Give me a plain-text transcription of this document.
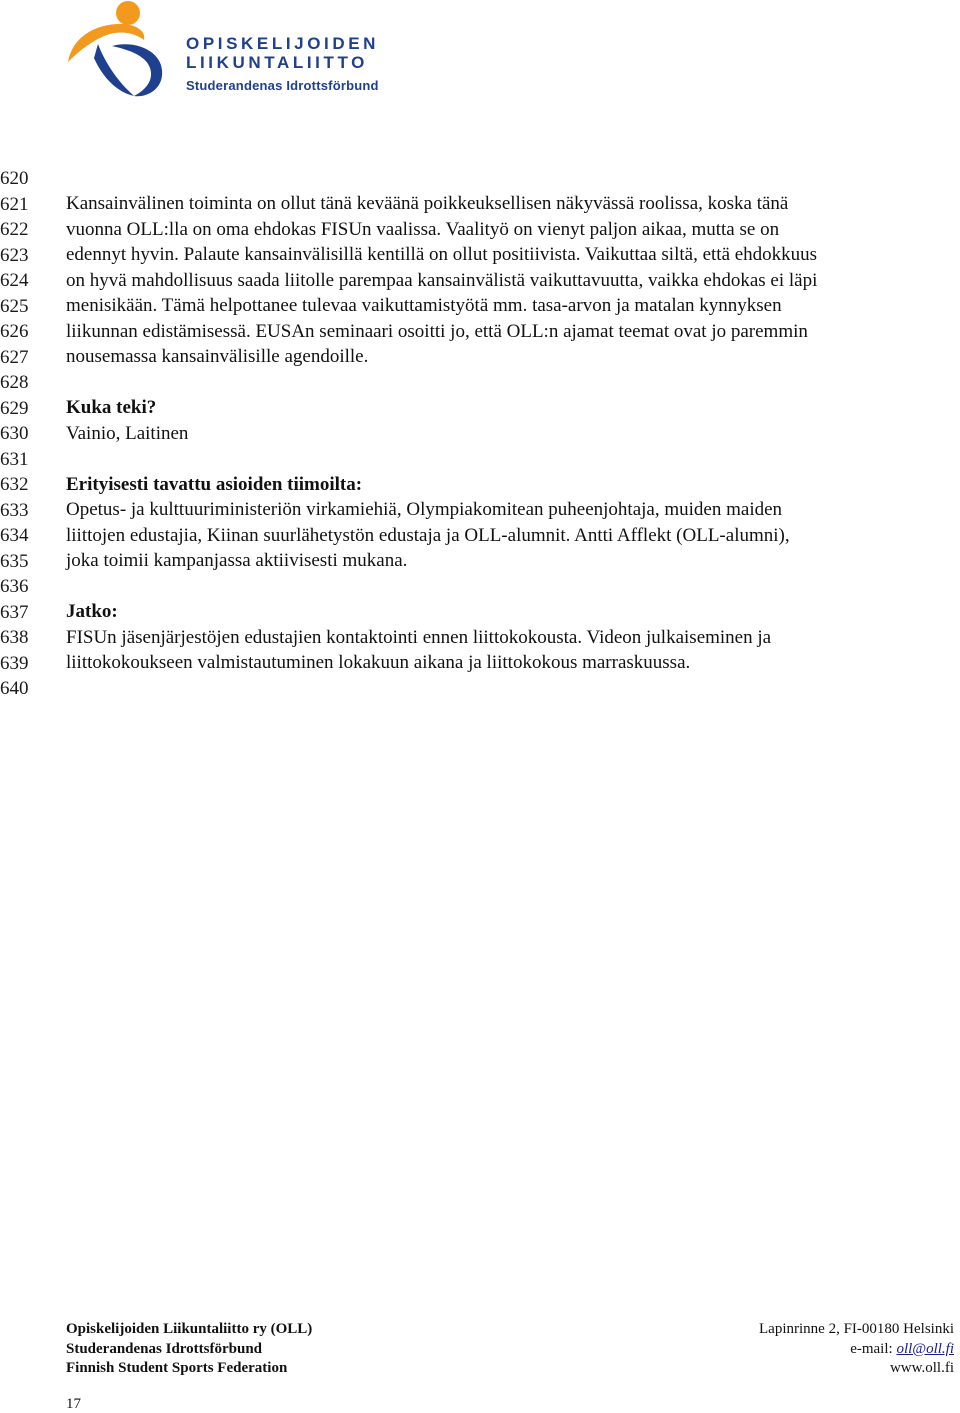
OPISKELIJOIDEN
LIIKUNTALIITTO
Studerandenas Idrottsförbund
620
621
622
623
624
625
626
627
628
629
630
631
632
633
634
635
636
637
638
639
640

Kansainvälinen toiminta on ollut tänä keväänä poikkeuksellisen näkyvässä roolissa, koska tänä
vuonna OLL:lla on oma ehdokas FISUn vaalissa. Vaalityö on vienyt paljon aikaa, mutta se on
edennyt hyvin. Palaute kansainvälisillä kentillä on ollut positiivista. Vaikuttaa siltä, että ehdokkuus
on hyvä mahdollisuus saada liitolle parempaa kansainvälistä vaikuttavuutta, vaikka ehdokas ei läpi
menisikään. Tämä helpottanee tulevaa vaikuttamistyötä mm. tasa-arvon ja matalan kynnyksen
liikunnan edistämisessä. EUSAn seminaari osoitti jo, että OLL:n ajamat teemat ovat jo paremmin
nousemassa kansainvälisille agendoille.

Kuka teki?
Vainio, Laitinen

Erityisesti tavattu asioiden tiimoilta:
Opetus- ja kulttuuriministeriön virkamiehiä, Olympiakomitean puheenjohtaja, muiden maiden
liittojen edustajia, Kiinan suurlähetystön edustaja ja OLL-alumnit. Antti Afflekt (OLL-alumni),
joka toimii kampanjassa aktiivisesti mukana.

Jatko:
FISUn jäsenjärjestöjen edustajien kontaktointi ennen liittokokousta. Videon julkaiseminen ja
liittokokoukseen valmistautuminen lokakuun aikana ja liittokokous marraskuussa.

Opiskelijoiden Liikuntaliitto ry (OLL)
Studerandenas Idrottsförbund
Finnish Student Sports Federation
Lapinrinne 2, FI-00180 Helsinki
e-mail: oll@oll.fi
www.oll.fi
17
